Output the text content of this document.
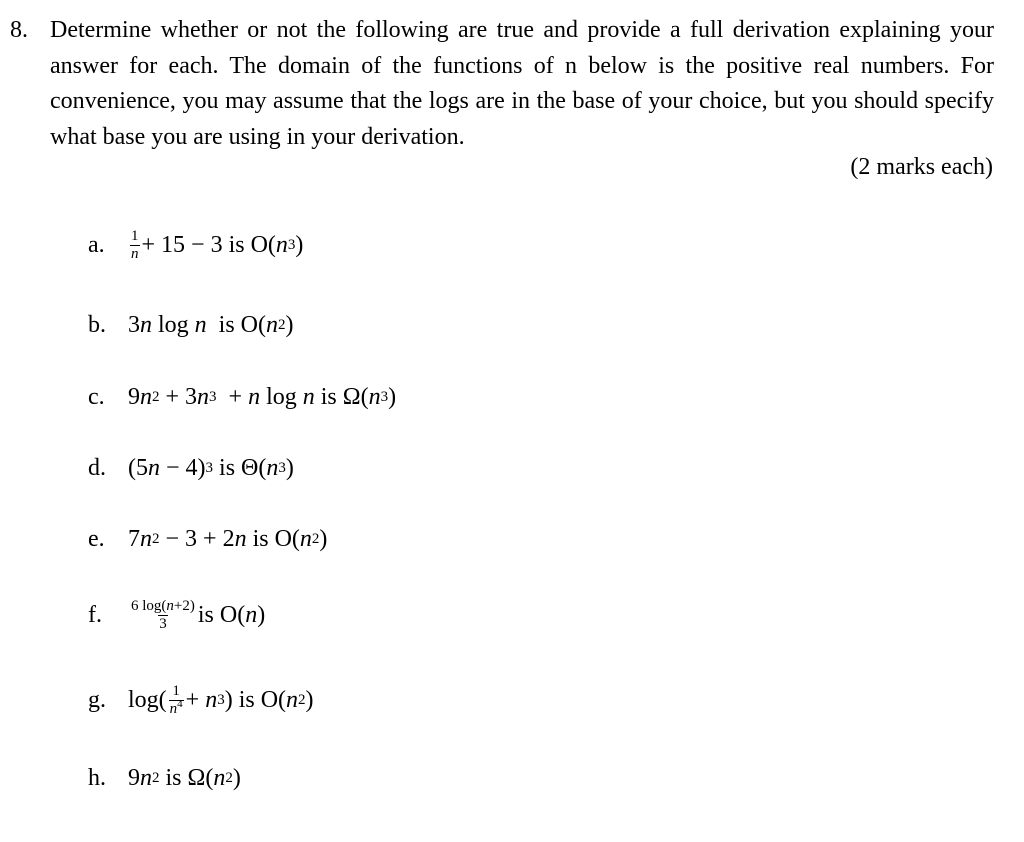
8. Determine whether or not the following are true and provide a full derivation explaining your answer for each. The domain of the functions of n below is the positive real numbers. For convenience, you may assume that the logs are in the base of your choice, but you should specify what base you are using in your derivation.
(2 marks each)
a.	$\frac{1}{n} + 15 - 3$ is O( n 3 )
b. 3 n log n is O( n 2 )
c. 9 n 2 + 3 n 3 + n log n is Ω( n 3 )
d. (5 n − 4) 3 is Θ( n 3 )
e. 7 n 2 − 3 + 2 n is O( n 2 )
f.	$\frac{6 \log(n+2)}{3}$ is O( n )
g. $\log( \frac{1}{n^4} + n$ 3 ) is O( n 2 )
h. 9 n 2 is Ω( n 2 )
